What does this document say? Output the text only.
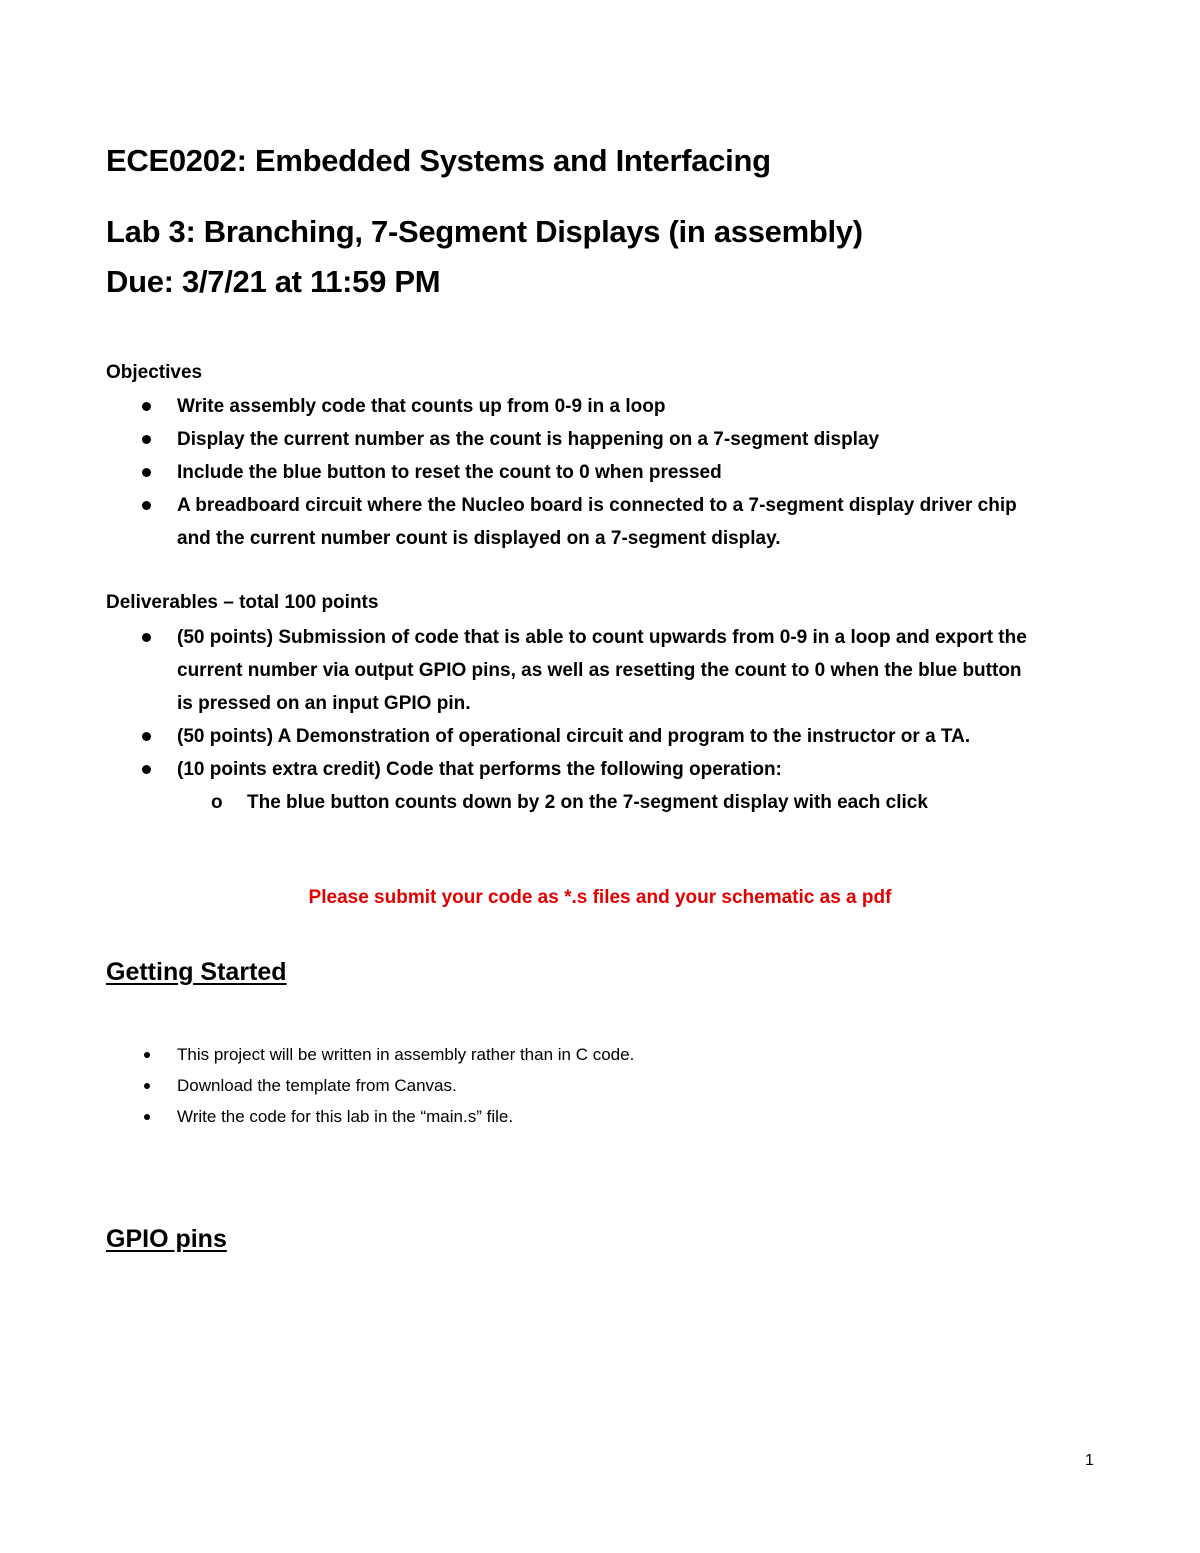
ECE0202: Embedded Systems and Interfacing
Lab 3: Branching, 7-Segment Displays (in assembly)
Due: 3/7/21 at 11:59 PM
Objectives
Write assembly code that counts up from 0-9 in a loop
Display the current number as the count is happening on a 7-segment display
Include the blue button to reset the count to 0 when pressed
A breadboard circuit where the Nucleo board is connected to a 7-segment display driver chip
and the current number count is displayed on a 7-segment display.
Deliverables – total 100 points
(50 points) Submission of code that is able to count upwards from 0-9 in a loop and export the
current number via output GPIO pins, as well as resetting the count to 0 when the blue button
is pressed on an input GPIO pin.
(50 points) A Demonstration of operational circuit and program to the instructor or a TA.
(10 points extra credit) Code that performs the following operation:
o The blue button counts down by 2 on the 7-segment display with each click
Please submit your code as *.s files and your schematic as a pdf
Getting Started
This project will be written in assembly rather than in C code.
Download the template from Canvas.
Write the code for this lab in the “main.s” file.
GPIO pins
1
